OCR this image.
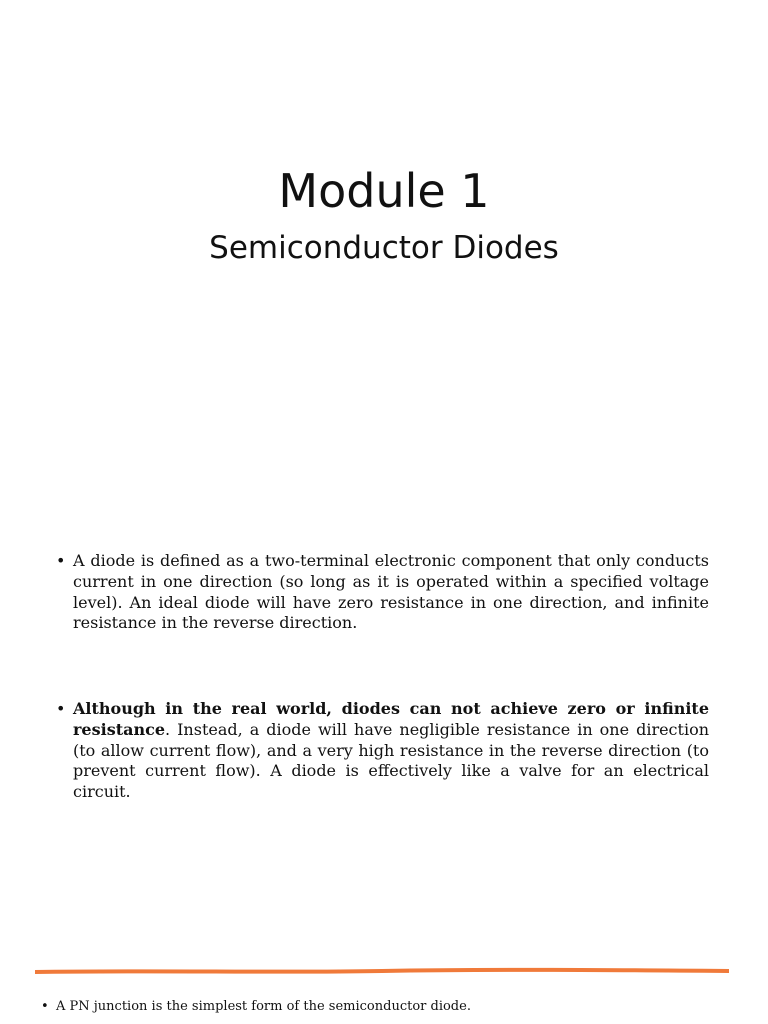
Module 1
Semiconductor Diodes
• A diode is defined as a two-terminal electronic component that only conducts current in one direction (so long as it is operated within a specified voltage level). An ideal diode will have zero resistance in one direction, and infinite resistance in the reverse direction.
• Although in the real world, diodes can not achieve zero or infinite resistance. Instead, a diode will have negligible resistance in one direction (to allow current flow), and a very high resistance in the reverse direction (to prevent current flow). A diode is effectively like a valve for an electrical circuit.
• A PN junction is the simplest form of the semiconductor diode.
